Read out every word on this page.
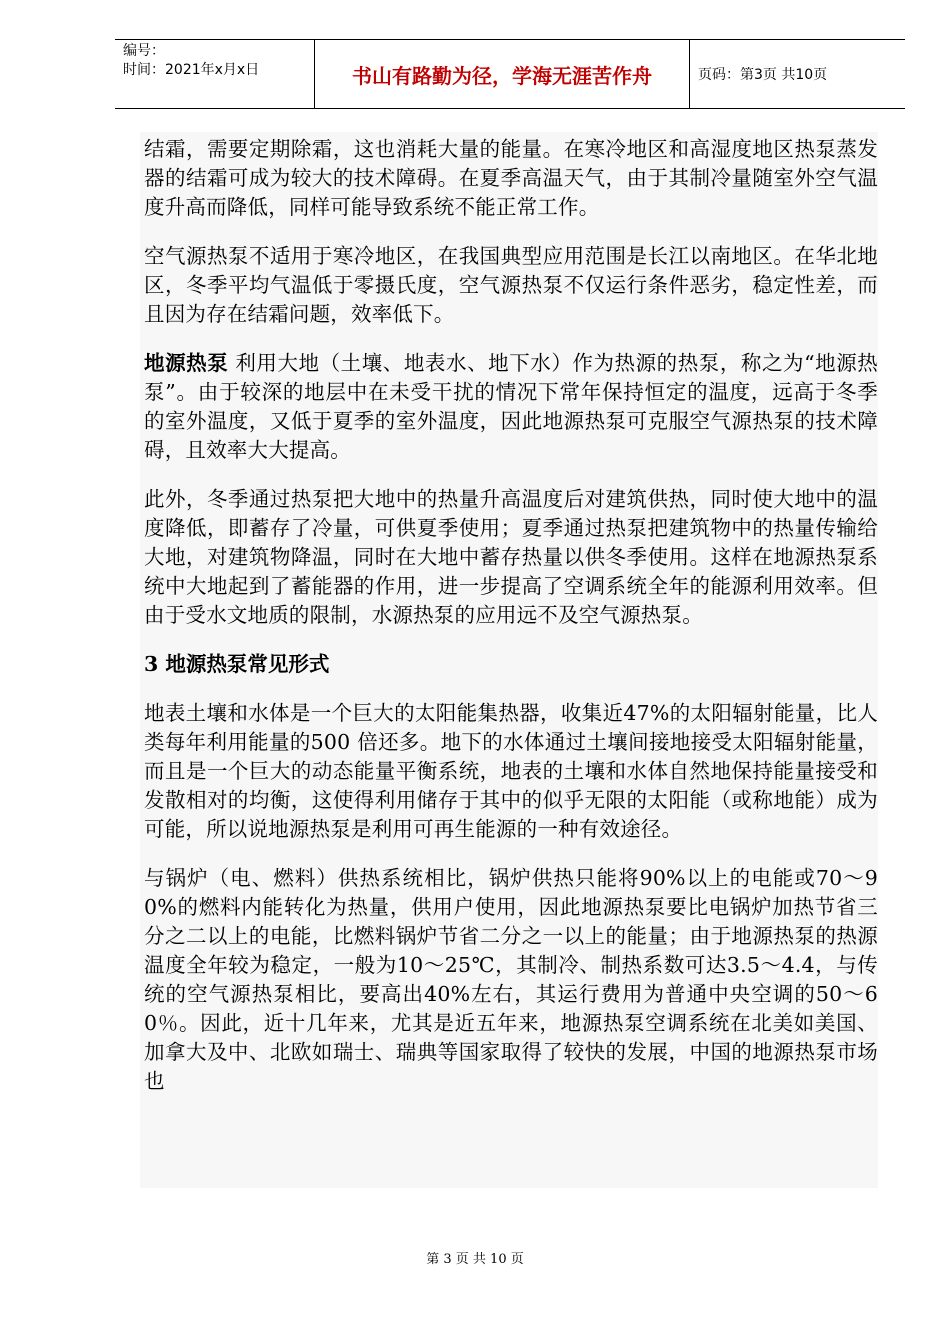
编号：
时间：2021年x月x日	书山有路勤为径，学海无涯苦作舟	页码：第3页 共10页

结霜，需要定期除霜，这也消耗大量的能量。在寒冷地区和高湿度地区热泵蒸发器的结霜可成为较大的技术障碍。在夏季高温天气，由于其制冷量随室外空气温度升高而降低，同样可能导致系统不能正常工作。

空气源热泵不适用于寒冷地区，在我国典型应用范围是长江以南地区。在华北地区，冬季平均气温低于零摄氏度，空气源热泵不仅运行条件恶劣，稳定性差，而且因为存在结霜问题，效率低下。

地源热泵 利用大地（土壤、地表水、地下水）作为热源的热泵，称之为“地源热泵”。由于较深的地层中在未受干扰的情况下常年保持恒定的温度，远高于冬季的室外温度，又低于夏季的室外温度，因此地源热泵可克服空气源热泵的技术障碍，且效率大大提高。

此外，冬季通过热泵把大地中的热量升高温度后对建筑供热，同时使大地中的温度降低，即蓄存了冷量，可供夏季使用；夏季通过热泵把建筑物中的热量传输给大地，对建筑物降温，同时在大地中蓄存热量以供冬季使用。这样在地源热泵系统中大地起到了蓄能器的作用，进一步提高了空调系统全年的能源利用效率。但由于受水文地质的限制，水源热泵的应用远不及空气源热泵。

3 地源热泵常见形式

地表土壤和水体是一个巨大的太阳能集热器，收集近47%的太阳辐射能量，比人类每年利用能量的500 倍还多。地下的水体通过土壤间接地接受太阳辐射能量，而且是一个巨大的动态能量平衡系统，地表的土壤和水体自然地保持能量接受和发散相对的均衡，这使得利用储存于其中的似乎无限的太阳能（或称地能）成为可能，所以说地源热泵是利用可再生能源的一种有效途径。

与锅炉（电、燃料）供热系统相比，锅炉供热只能将90%以上的电能或70～90%的燃料内能转化为热量，供用户使用，因此地源热泵要比电锅炉加热节省三分之二以上的电能，比燃料锅炉节省二分之一以上的能量；由于地源热泵的热源温度全年较为稳定，一般为10～25℃，其制冷、制热系数可达3.5～4.4，与传统的空气源热泵相比，要高出40%左右，其运行费用为普通中央空调的50～60％。因此，近十几年来，尤其是近五年来，地源热泵空调系统在北美如美国、加拿大及中、北欧如瑞士、瑞典等国家取得了较快的发展，中国的地源热泵市场也

第 3 页 共 10 页
